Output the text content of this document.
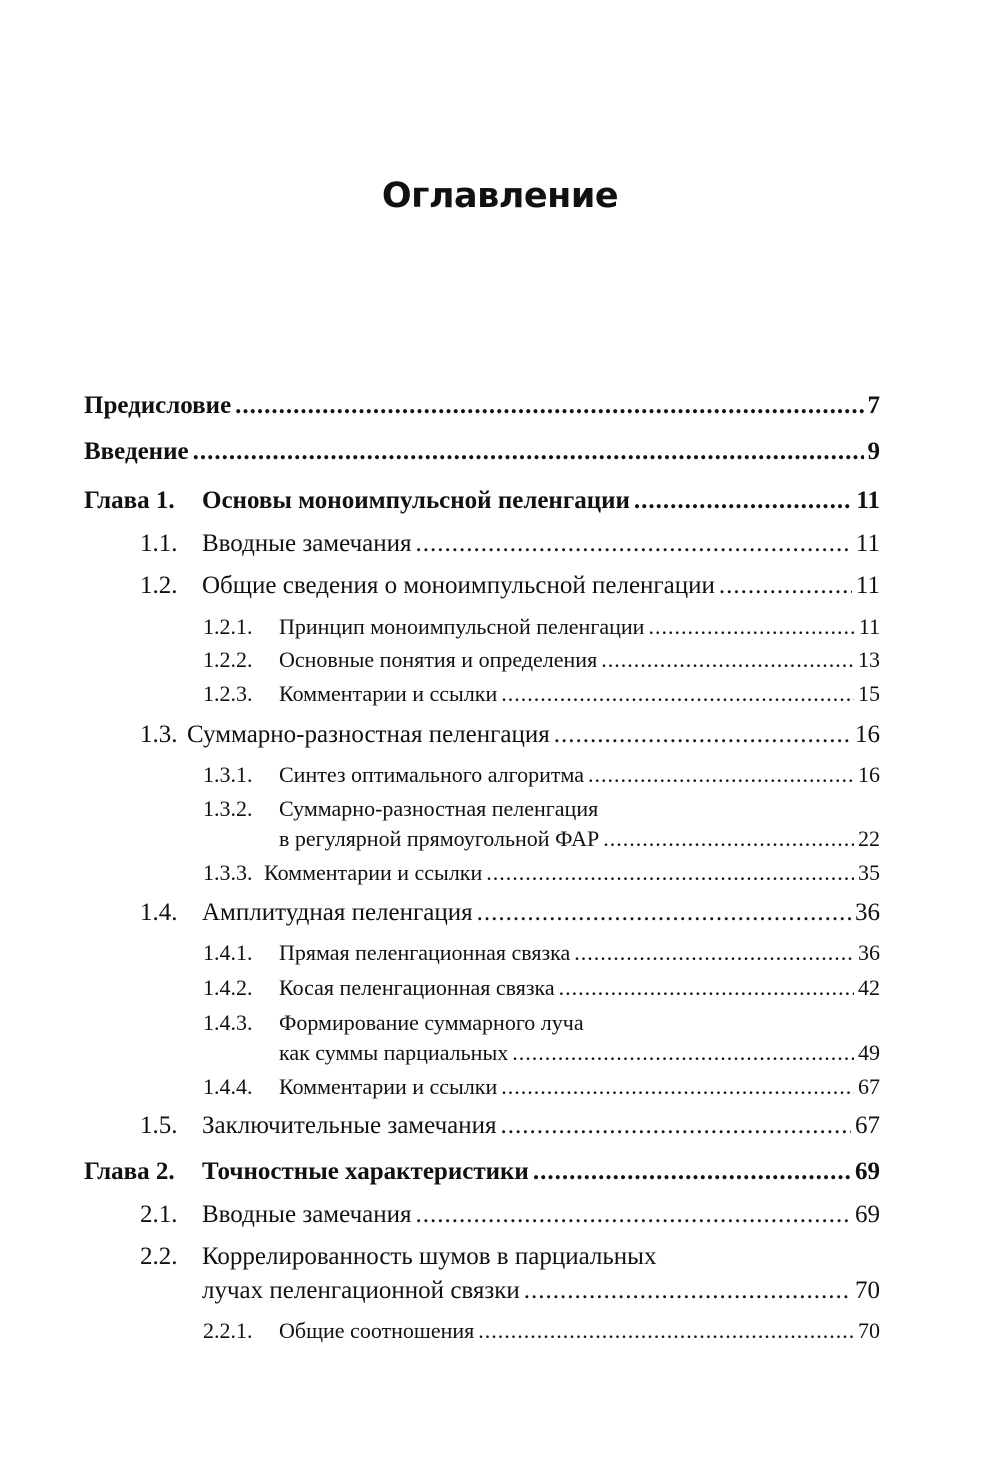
Оглавление
Предисловие .....	7
Введение .....	9
Глава 1.	Основы моноимпульсной пеленгации .....	11
1.1. Вводные замечания .....	11
1.2. Общие сведения о моноимпульсной пеленгации .....	11
1.2.1.	Принцип моноимпульсной пеленгации .....	11
1.2.2.	Основные понятия и определения .....	13
1.2.3.	Комментарии и ссылки .....	15
1.3. Суммарно-разностная пеленгация .....	16
1.3.1.	Синтез оптимального алгоритма .....	16
1.3.2. Суммарно-разностная пеленгация
в регулярной прямоугольной ФАР .....	22
1.3.3. Комментарии и ссылки .....	35
1.4. Амплитудная пеленгация .....	36
1.4.1.	Прямая пеленгационная связка .....	36
1.4.2.	Косая пеленгационная связка .....	42
1.4.3. Формирование суммарного луча
как суммы парциальных .....	49
1.4.4.	Комментарии и ссылки .....	67
1.5. Заключительные замечания .....	67
Глава 2.	Точностные характеристики .....	69
2.1. Вводные замечания .....	69
2.2. Коррелированность шумов в парциальных
лучах пеленгационной связки .....	70
2.2.1.	Общие соотношения .....	70
